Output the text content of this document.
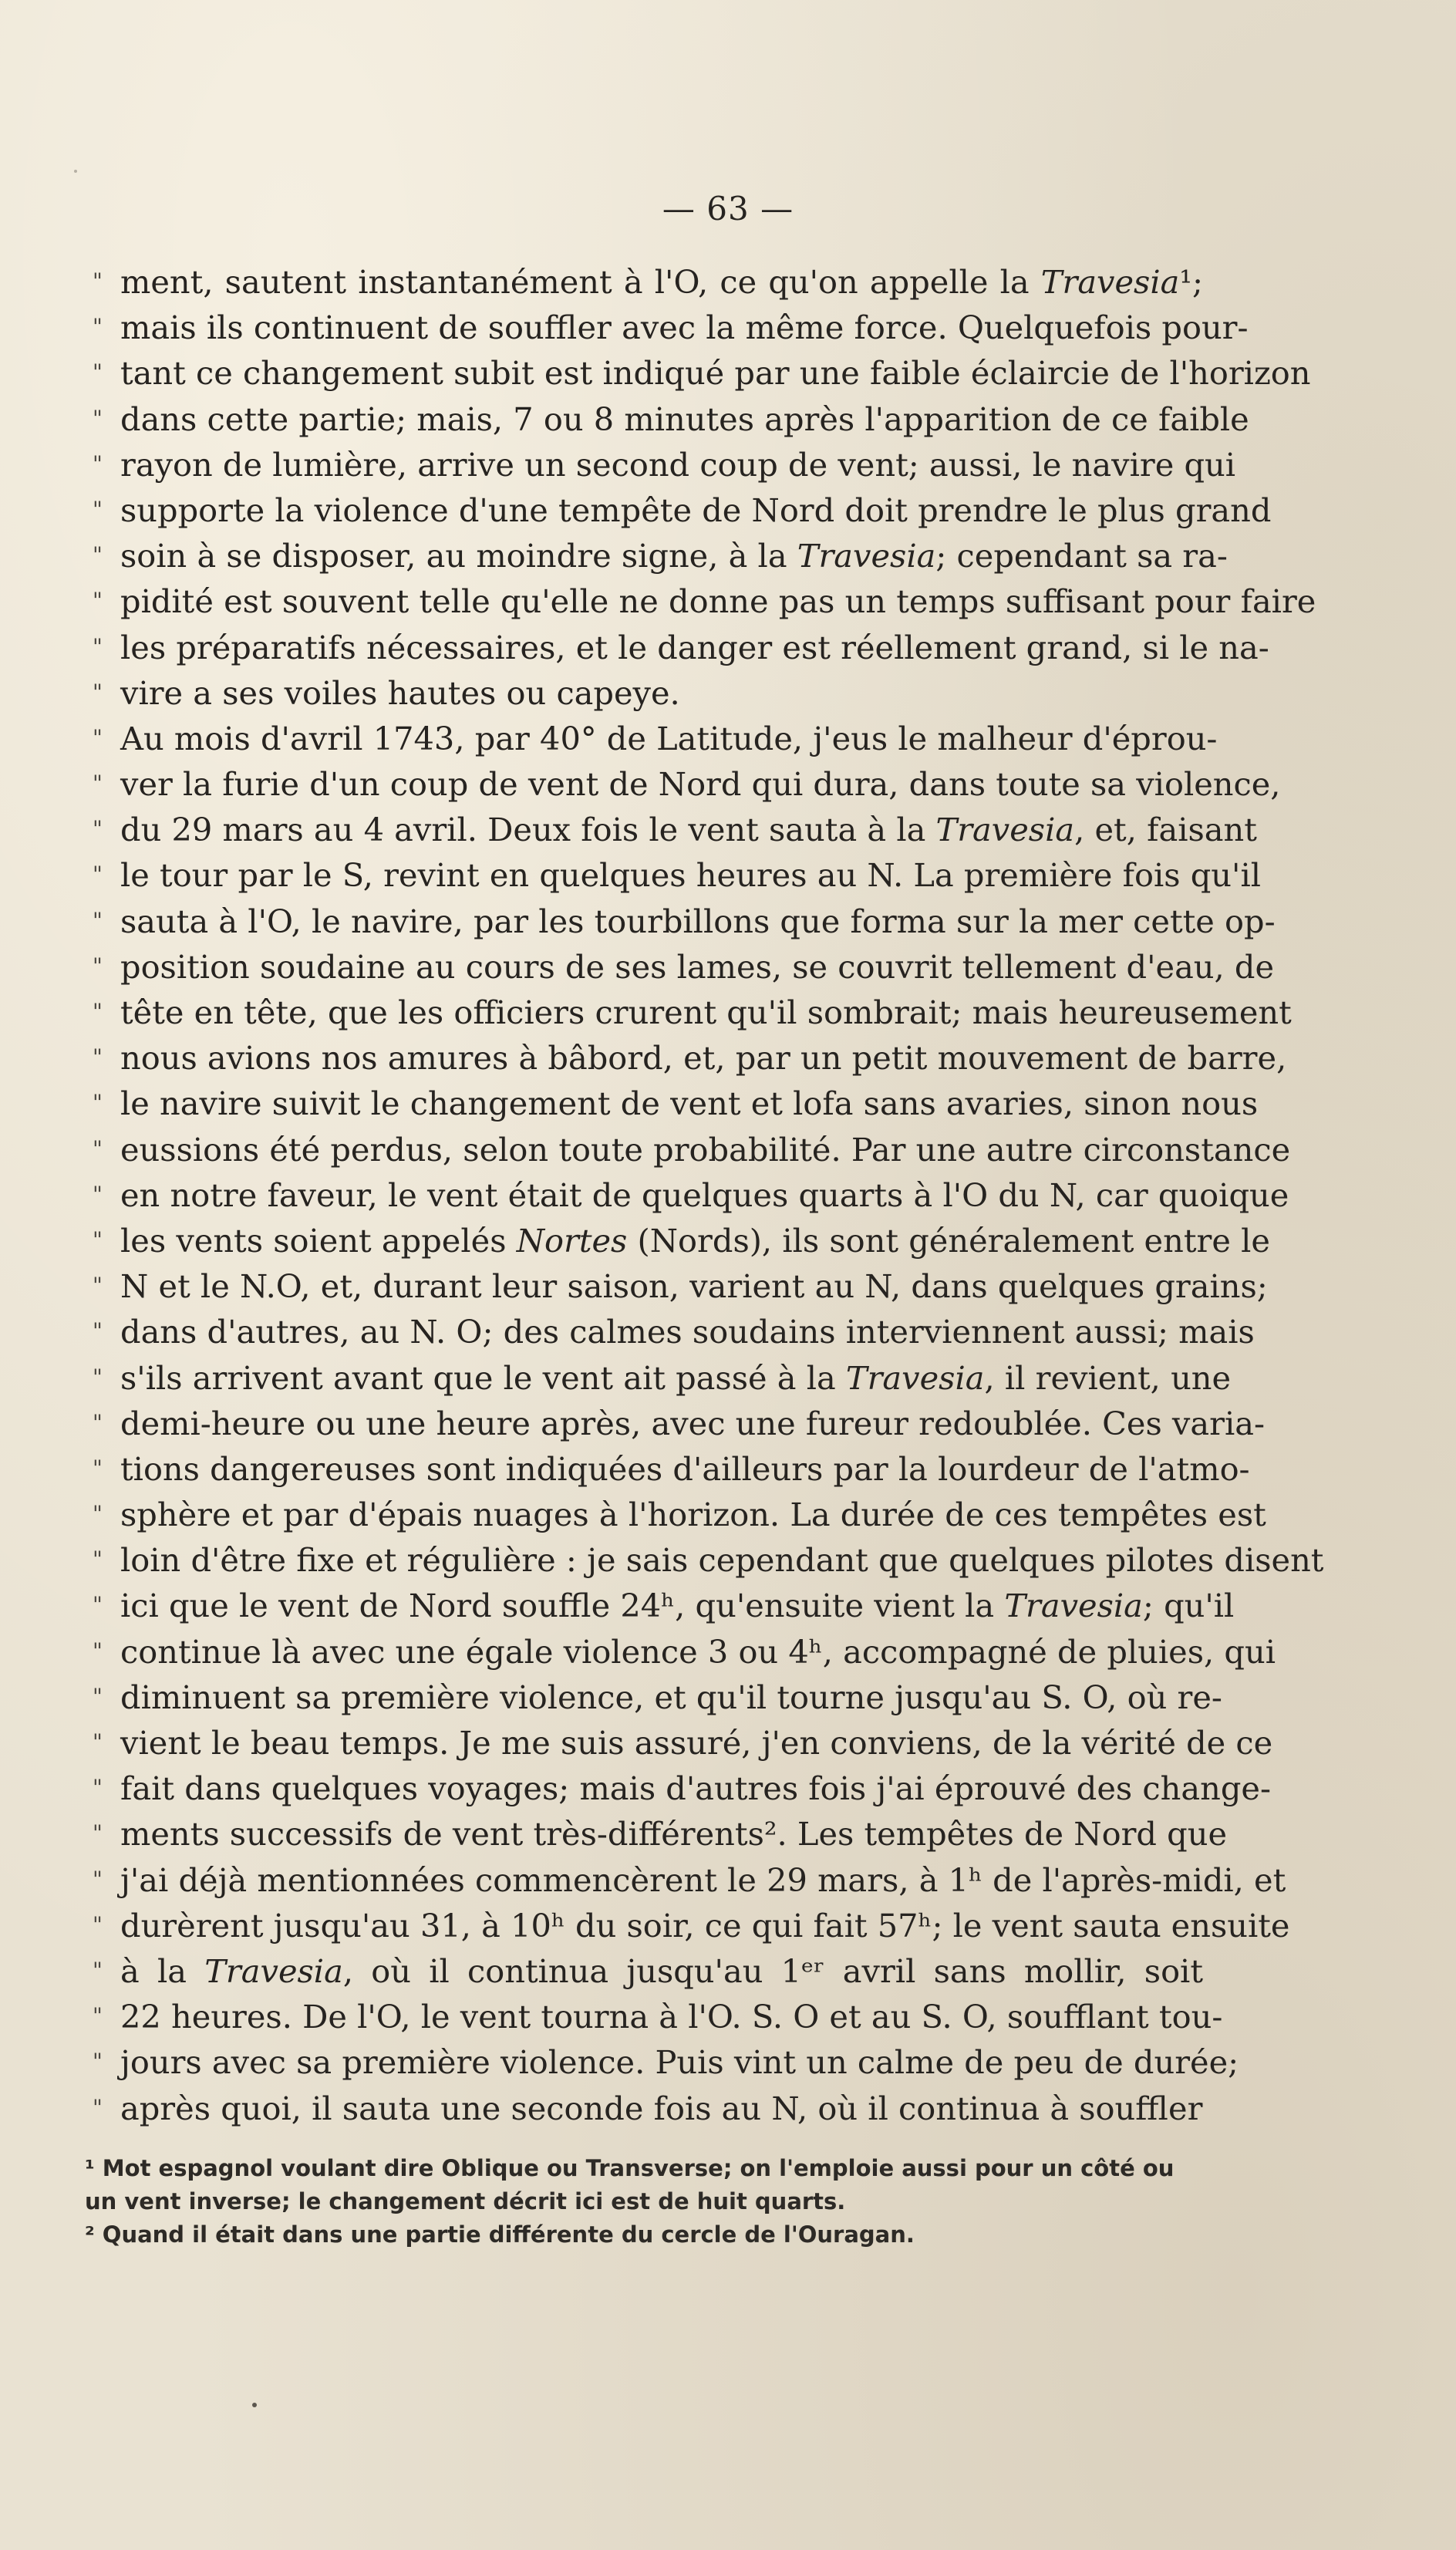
— 63 —
" ment, sautent instantanément à l'O, ce qu'on appelle la Travesia¹;
" mais ils continuent de souffler avec la même force. Quelquefois pour-
" tant ce changement subit est indiqué par une faible éclaircie de l'horizon
" dans cette partie; mais, 7 ou 8 minutes après l'apparition de ce faible
" rayon de lumière, arrive un second coup de vent; aussi, le navire qui
" supporte la violence d'une tempête de Nord doit prendre le plus grand
" soin à se disposer, au moindre signe, à la Travesia; cependant sa ra-
" pidité est souvent telle qu'elle ne donne pas un temps suffisant pour faire
" les préparatifs nécessaires, et le danger est réellement grand, si le na-
" vire a ses voiles hautes ou capeye.
" Au mois d'avril 1743, par 40° de Latitude, j'eus le malheur d'éprou-
" ver la furie d'un coup de vent de Nord qui dura, dans toute sa violence,
" du 29 mars au 4 avril. Deux fois le vent sauta à la Travesia, et, faisant
" le tour par le S, revint en quelques heures au N. La première fois qu'il
" sauta à l'O, le navire, par les tourbillons que forma sur la mer cette op-
" position soudaine au cours de ses lames, se couvrit tellement d'eau, de
" tête en tête, que les officiers crurent qu'il sombrait; mais heureusement
" nous avions nos amures à bâbord, et, par un petit mouvement de barre,
" le navire suivit le changement de vent et lofa sans avaries, sinon nous
" eussions été perdus, selon toute probabilité. Par une autre circonstance
" en notre faveur, le vent était de quelques quarts à l'O du N, car quoique
" les vents soient appelés Nortes (Nords), ils sont généralement entre le
" N et le N.O, et, durant leur saison, varient au N, dans quelques grains;
" dans d'autres, au N. O; des calmes soudains interviennent aussi; mais
" s'ils arrivent avant que le vent ait passé à la Travesia, il revient, une
" demi-heure ou une heure après, avec une fureur redoublée. Ces varia-
" tions dangereuses sont indiquées d'ailleurs par la lourdeur de l'atmo-
" sphère et par d'épais nuages à l'horizon. La durée de ces tempêtes est
" loin d'être fixe et régulière : je sais cependant que quelques pilotes disent
" ici que le vent de Nord souffle 24ʰ, qu'ensuite vient la Travesia; qu'il
" continue là avec une égale violence 3 ou 4ʰ, accompagné de pluies, qui
" diminuent sa première violence, et qu'il tourne jusqu'au S. O, où re-
" vient le beau temps. Je me suis assuré, j'en conviens, de la vérité de ce
" fait dans quelques voyages; mais d'autres fois j'ai éprouvé des change-
" ments successifs de vent très-différents². Les tempêtes de Nord que
" j'ai déjà mentionnées commencèrent le 29 mars, à 1ʰ de l'après-midi, et
" durèrent jusqu'au 31, à 10ʰ du soir, ce qui fait 57ʰ; le vent sauta ensuite
" à la Travesia, où il continua jusqu'au 1ᵉʳ avril sans mollir, soit
" 22 heures. De l'O, le vent tourna à l'O. S. O et au S. O, soufflant tou-
" jours avec sa première violence. Puis vint un calme de peu de durée;
" après quoi, il sauta une seconde fois au N, où il continua à souffler
¹ Mot espagnol voulant dire Oblique ou Transverse; on l'emploie aussi pour un côté ou
un vent inverse; le changement décrit ici est de huit quarts.
² Quand il était dans une partie différente du cercle de l'Ouragan.
